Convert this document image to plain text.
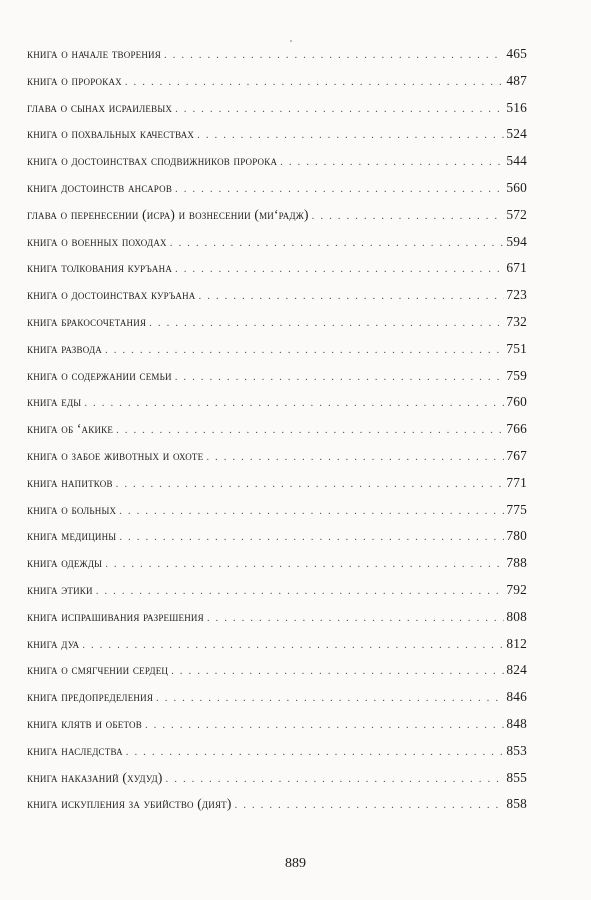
книга о начале творения . . .	465
книга о пророках . . .	487
глава о сынах исраилевых . . .	516
книга о похвальных качествах . . .	524
книга о достоинствах сподвижников пророка . . .	544
книга достоинств ансаров . . .	560
глава о перенесении (исра) и вознесении (миʻрадж) . . .	572
книга о военных походах . . .	594
книга толкования куръана . . .	671
книга о достоинствах куръана . . .	723
книга бракосочетания . . .	732
книга развода . . .	751
книга о содержании семьи . . .	759
книга еды . . .	760
книга об ʻакике . . .	766
книга о забое животных и охоте . . .	767
книга напитков . . .	771
книга о больных . . .	775
книга медицины . . .	780
книга одежды . . .	788
книга этики . . .	792
книга испрашивания разрешения . . .	808
книга дуа . . .	812
книга о смягчении сердец . . .	824
книга предопределения . . .	846
книга клятв и обетов . . .	848
книга наследства . . .	853
книга наказаний (худуд) . . .	855
книга искупления за убийство (дият) . . .	858
889
